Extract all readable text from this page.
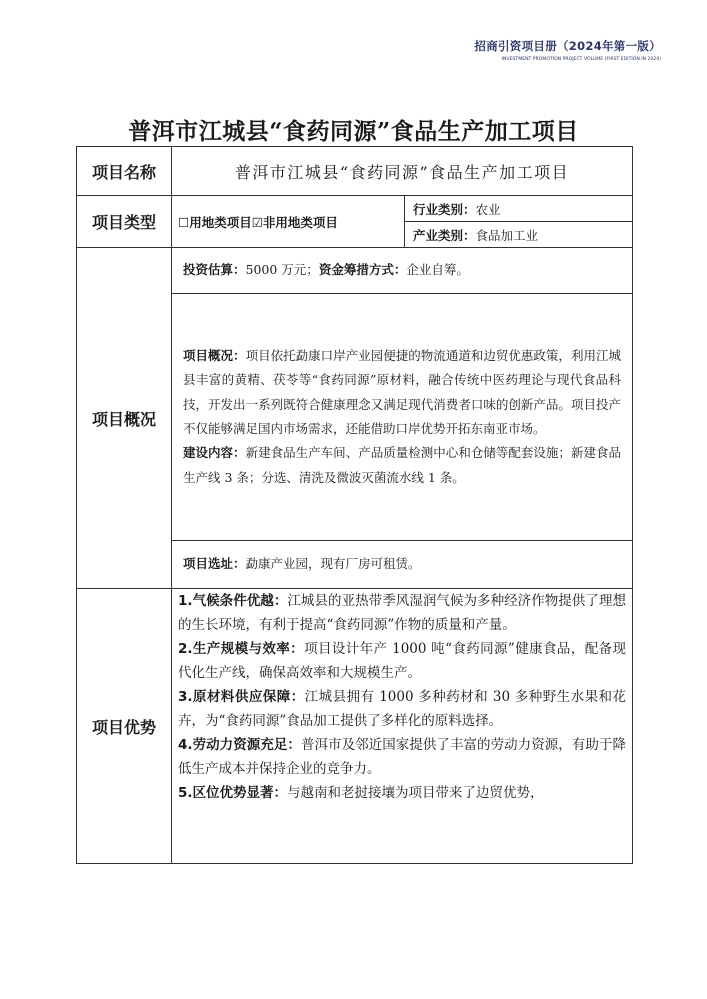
招商引资项目册（2024年第一版）
INVESTMENT PROMOTION PROJECT VOLUME (FIRST EDITION IN 2024)
普洱市江城县“食药同源”食品生产加工项目
项目名称	普洱市江城县“食药同源”食品生产加工项目	
项目类型	☐用地类项目☑非用地类项目	行业类别：农业
		产业类别：食品加工业
项目概况	投资估算：5000 万元；资金筹措方式：企业自筹。	

	项目概况：项目依托勐康口岸产业园便捷的物流通道和边贸优惠政策，利用江城县丰富的黄精、茯苓等“食药同源”原材料，融合传统中医药理论与现代食品科技，开发出一系列既符合健康理念又满足现代消费者口味的创新产品。项目投产不仅能够满足国内市场需求，还能借助口岸优势开拓东南亚市场。

建设内容：新建食品生产车间、产品质量检测中心和仓储等配套设施；新建食品生产线 3 条；分选、清洗及微波灭菌流水线 1 条。	

	项目选址：勐康产业园，现有厂房可租赁。	
项目优势	1.气候条件优越：江城县的亚热带季风湿润气候为多种经济作物提供了理想的生长环境，有利于提高“食药同源”作物的质量和产量。

2.生产规模与效率：项目设计年产 1000 吨“食药同源”健康食品，配备现代化生产线，确保高效率和大规模生产。

3.原材料供应保障：江城县拥有 1000 多种药材和 30 多种野生水果和花卉，为“食药同源”食品加工提供了多样化的原料选择。

4.劳动力资源充足：普洱市及邻近国家提供了丰富的劳动力资源，有助于降低生产成本并保持企业的竞争力。

5.区位优势显著：与越南和老挝接壤为项目带来了边贸优势，	
